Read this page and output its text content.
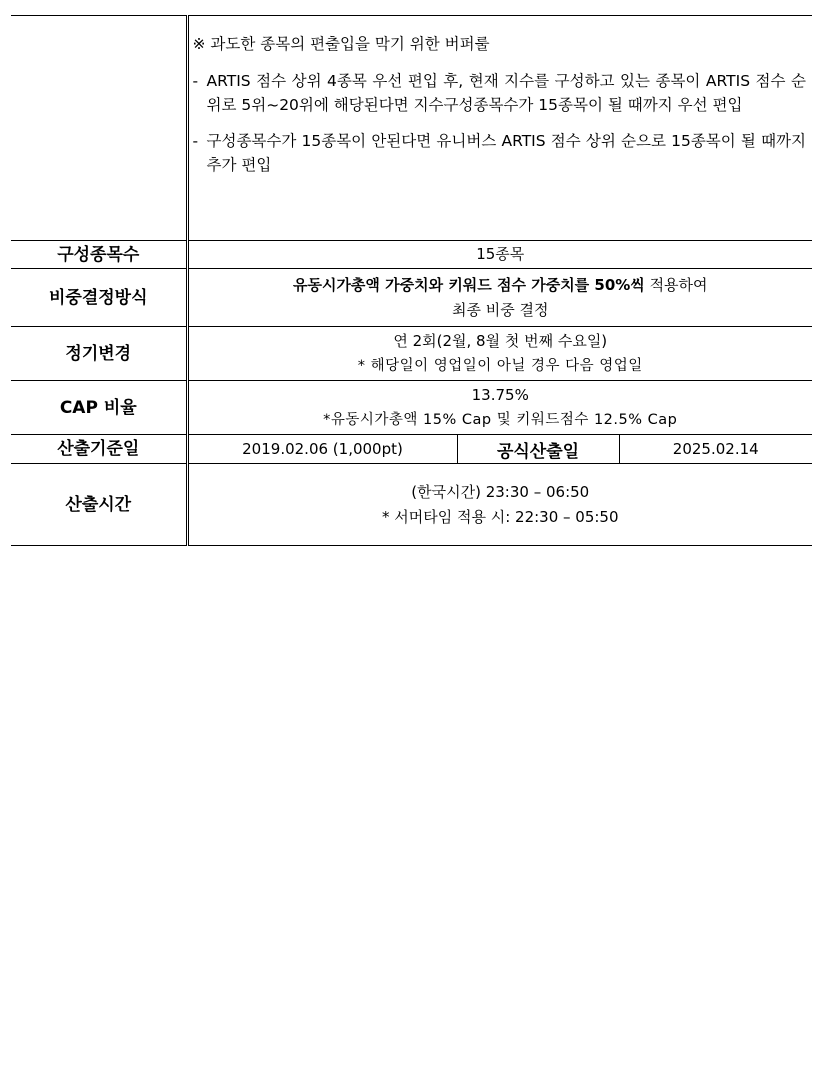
	※ 과도한 종목의 편출입을 막기 위한 버퍼룰
- ARTIS 점수 상위 4종목 우선 편입 후, 현재 지수를 구성하고 있는 종목이 ARTIS 점수 순위로 5위~20위에 해당된다면 지수구성종목수가 15종목이 될 때까지 우선 편입
- 구성종목수가 15종목이 안된다면 유니버스 ARTIS 점수 상위 순으로 15종목이 될 때까지 추가 편입		

구성종목수	15종목		
비중결정방식	유동시가총액 가중치와 키워드 점수 가중치를 50%씩 적용하여
최종 비중 결정		

정기변경	연 2회(2월, 8월 첫 번째 수요일)
* 해당일이 영업일이 아닐 경우 다음 영업일		

CAP 비율	13.75%
*유동시가총액 15% Cap 및 키워드점수 12.5% Cap		

산출기준일	2019.02.06 (1,000pt)	공식산출일	2025.02.14
산출시간	(한국시간) 23:30 – 06:50
* 서머타임 적용 시: 22:30 – 05:50		
